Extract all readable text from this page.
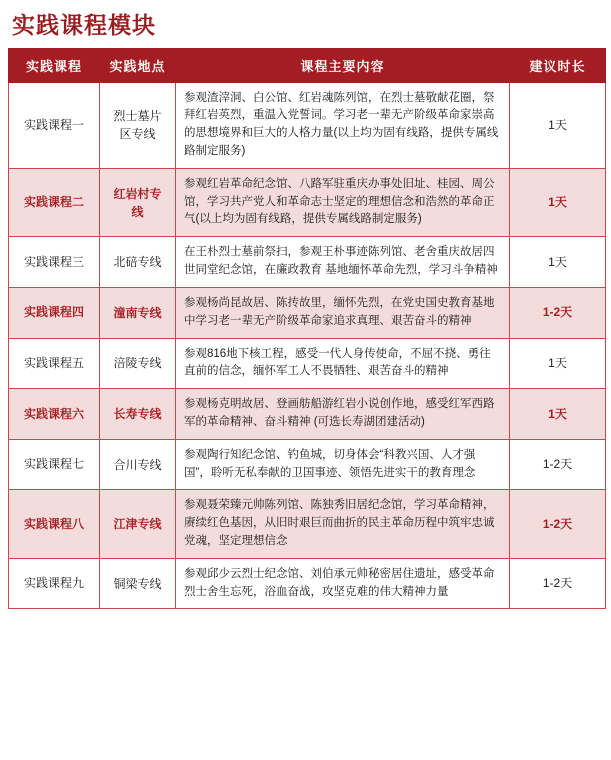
实践课程模块
实践课程	实践地点	课程主要内容	建议时长
实践课程一	烈士墓片区专线	参观渣滓洞、白公馆、红岩魂陈列馆，在烈士墓敬献花圈，祭拜红岩英烈，重温入党誓词。学习老一辈无产阶级革命家崇高的思想境界和巨大的人格力量(以上均为固有线路，提供专属线路制定服务)	1天
实践课程二	红岩村专线	参观红岩革命纪念馆、八路军驻重庆办事处旧址、桂园、周公馆，学习共产党人和革命志士坚定的理想信念和浩然的革命正气(以上均为固有线路，提供专属线路制定服务)	1天
实践课程三	北碚专线	在王朴烈士墓前祭扫，参观王朴事迹陈列馆、老舍重庆故居四世同堂纪念馆，在廉政教育 基地缅怀革命先烈，学习斗争精神	1天
实践课程四	潼南专线	参观杨尚昆故居、陈抟故里，缅怀先烈，在党史国史教育基地中学习老一辈无产阶级革命家追求真理、艰苦奋斗的精神	1-2天
实践课程五	涪陵专线	参观816地下核工程，感受一代人身传使命，不屈不挠、勇往直前的信念，缅怀军工人不畏牺牲、艰苦奋斗的精神	1天
实践课程六	长寿专线	参观杨克明故居、登画舫船游红岩小说创作地，感受红军西路军的革命精神、奋斗精神 (可选长寿湖团建活动)	1天
实践课程七	合川专线	参观陶行知纪念馆、钓鱼城，切身体会“科教兴国、人才强国”，聆听无私奉献的卫国事迹、领悟先进实干的教育理念	1-2天
实践课程八	江津专线	参观聂荣臻元帅陈列馆、陈独秀旧居纪念馆，学习革命精神，赓续红色基因，从旧时艰巨而曲折的民主革命历程中筑牢忠诚党魂，坚定理想信念	1-2天
实践课程九	铜梁专线	参观邱少云烈士纪念馆、刘伯承元帅秘密居住遗址，感受革命烈士舍生忘死，浴血奋战，攻坚克难的伟大精神力量	1-2天
